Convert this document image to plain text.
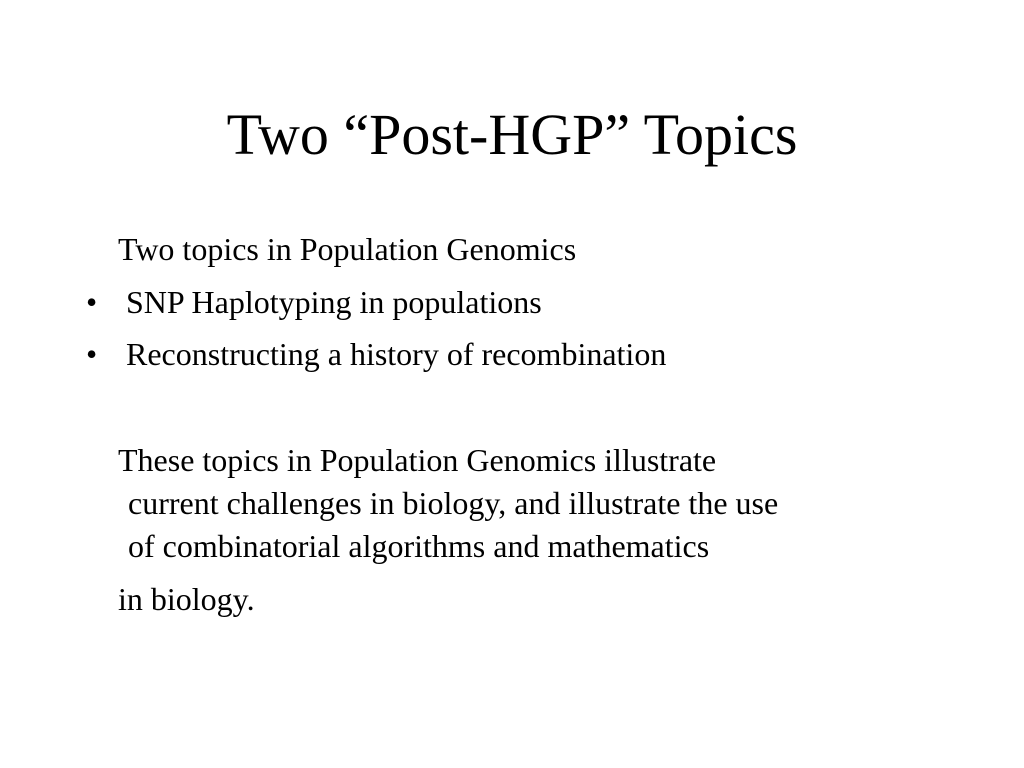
Two “Post-HGP” Topics
Two topics in Population Genomics
• SNP Haplotyping in populations
• Reconstructing a history of recombination
These topics in Population Genomics illustrate
current challenges in biology, and illustrate the use
of combinatorial algorithms and mathematics
in biology.
